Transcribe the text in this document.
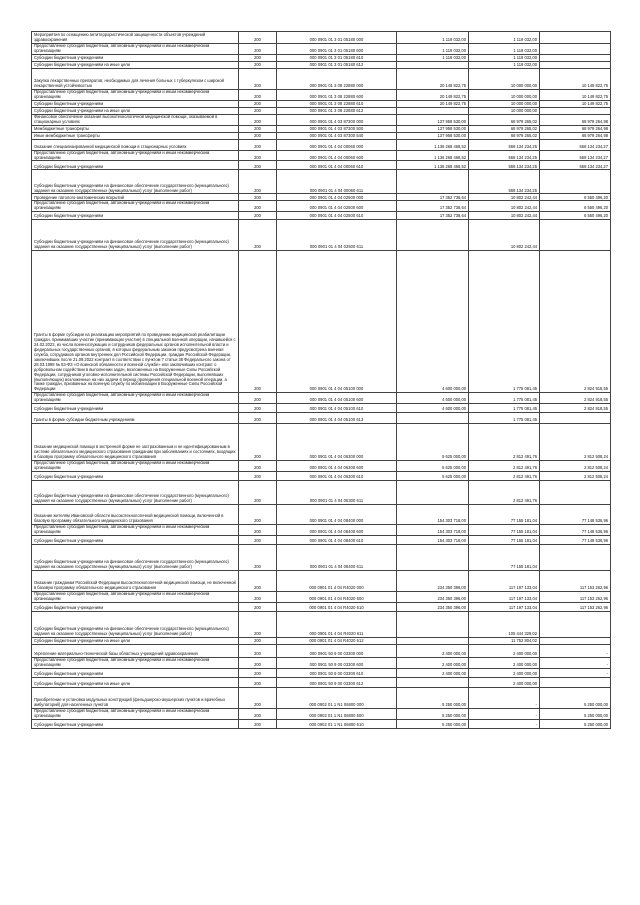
Мероприятия по оснащению антитеррористической защищенности объектов учреждений здравоохранения	200	000 0901 01 3 01 05180 000	1 119 032,00	1 119 032,00	
Предоставление субсидий бюджетным, автономным учреждениям и иным некоммерческим организациям	200	000 0901 01 3 01 05180 600	1 119 032,00	1 119 032,00	
Субсидии бюджетным учреждениям	200	000 0901 01 3 01 05180 610	1 119 032,00	1 119 032,00	
Субсидии бюджетным учреждениям на иные цели	200	000 0901 01 3 01 05180 612		1 119 032,00	
Закупка лекарственных препаратов, необходимых для лечения больных с туберкулезом с широкой лекарственной устойчивостью	200	000 0901 01 3 08 22880 000	20 149 822,75	10 000 000,00	10 149 822,75
Предоставление субсидий бюджетным, автономным учреждениям и иным некоммерческим организациям	200	000 0901 01 3 08 22880 600	20 149 822,75	10 000 000,00	10 149 822,75
Субсидии бюджетным учреждениям	200	000 0901 01 3 08 22880 610	20 149 822,75	10 000 000,00	10 149 822,75
Субсидии бюджетным учреждениям на иные цели	200	000 0901 01 3 08 22880 612		10 000 000,00	
Финансовое обеспечение оказания высокотехнологичной медицинской помощи, оказываемой в стационарных условиях	200	000 0901 01 4 03 87300 000	137 958 530,00	68 979 265,02	68 979 264,98
Межбюджетные трансферты	200	000 0901 01 4 03 87300 500	137 958 530,00	68 979 265,02	68 979 264,98
Иные межбюджетные трансферты	200	000 0901 01 4 03 87300 540	137 958 530,00	68 979 265,02	68 979 264,98
Оказание специализированной медицинской помощи в стационарных условиях	200	000 0901 01 4 04 00060 000	1 136 268 468,52	568 134 234,25	568 134 234,27
Предоставление субсидий бюджетным, автономным учреждениям и иным некоммерческим организациям	200	000 0901 01 4 04 00060 600	1 136 268 468,52	568 134 234,25	568 134 234,27
Субсидии бюджетным учреждениям	200	000 0901 01 4 04 00060 610	1 136 268 468,52	568 134 234,25	568 134 234,27
Субсидии бюджетным учреждениям на финансовое обеспечение государственного (муниципального) задания на оказание государственных (муниципальных) услуг (выполнение работ)	200	000 0901 01 4 04 00060 611		568 134 234,25	
Проведение патолого-анатомических вскрытий	200	000 0901 01 4 04 02500 000	17 352 738,64	10 802 242,44	6 550 496,20
Предоставление субсидий бюджетным, автономным учреждениям и иным некоммерческим организациям	200	000 0901 01 4 04 02500 600	17 352 738,64	10 802 242,44	6 550 496,20
Субсидии бюджетным учреждениям	200	000 0901 01 4 04 02500 610	17 352 738,64	10 802 242,44	6 550 496,20
Субсидии бюджетным учреждениям на финансовое обеспечение государственного (муниципального) задания на оказание государственных (муниципальных) услуг (выполнение работ)	200	000 0901 01 4 04 02500 611		10 802 242,44	
Гранты в форме субсидии на реализацию мероприятий по проведению медицинской реабилитации граждан, принимавших участие (принимающих участие) в специальной военной операции, начавшейся с 24.02.2022, из числа военнослужащих и сотрудников федеральных органов исполнительной власти и федеральных государственных органов, в которых федеральным законом предусмотрена военная служба, сотрудников органов внутренних дел Российской Федерации, граждан Российской Федерации, заключивших после 21.09.2022 контракт в соответствии с пунктом 7 статьи 38 Федерального закона от 28.03.1998 № 53-ФЗ «О воинской обязанности и военной службе» или заключивших контракт о добровольном содействии в выполнении задач, возложенных на Вооруженные Силы Российской Федерации, сотрудников уголовно-исполнительной системы Российской Федерации, выполнявших (выполняющих) возложенные на них задачи в период проведения специальной военной операции, а также граждан, призванных на военную службу по мобилизации в Вооруженные Силы Российской Федерации	200	000 0901 01 4 04 05100 000	4 600 000,00	1 775 081,45	2 824 918,55
Предоставление субсидий бюджетным, автономным учреждениям и иным некоммерческим организациям	200	000 0901 01 4 04 05100 600	4 600 000,00	1 775 081,45	2 824 918,55
Субсидии бюджетным учреждениям	200	000 0901 01 4 04 05100 610	4 600 000,00	1 775 081,45	2 824 918,55
Гранты в форме субсидии бюджетным учреждениям	200	000 0901 01 4 04 05100 613		1 775 081,45	
Оказание медицинской помощи в экстренной форме не застрахованным и не идентифицированным в системе обязательного медицинского страхования гражданам при заболеваниях и состояниях, входящих в базовую программу обязательного медицинского страхования	200	000 0901 01 4 04 06300 000	5 625 000,00	2 812 491,76	2 812 508,24
Предоставление субсидий бюджетным, автономным учреждениям и иным некоммерческим организациям	200	000 0901 01 4 04 06300 600	5 625 000,00	2 812 491,76	2 812 508,24
Субсидии бюджетным учреждениям	200	000 0901 01 4 04 06300 610	5 625 000,00	2 812 491,76	2 812 508,24
Субсидии бюджетным учреждениям на финансовое обеспечение государственного (муниципального) задания на оказание государственных (муниципальных) услуг (выполнение работ)	200	000 0901 01 4 04 06300 611		2 812 491,76	
Оказание жителям Ивановской области высокотехнологичной медицинской помощи, включенной в базовую программу обязательного медицинского страхования	200	000 0901 01 4 04 08400 000	154 303 718,00	77 155 181,04	77 148 536,96
Предоставление субсидий бюджетным, автономным учреждениям и иным некоммерческим организациям	200	000 0901 01 4 04 08400 600	154 303 718,00	77 155 181,04	77 148 536,96
Субсидии бюджетным учреждениям	200	000 0901 01 4 04 08400 610	154 303 718,00	77 155 181,04	77 148 536,96
Субсидии бюджетным учреждениям на финансовое обеспечение государственного (муниципального) задания на оказание государственных (муниципальных) услуг (выполнение работ)	200	000 0901 01 4 04 08400 611		77 155 181,04	
Оказание гражданам Российской Федерации высокотехнологичной медицинской помощи, не включенной в базовую программу обязательного медицинского страхования	200	000 0901 01 4 04 R4020 000	234 350 396,00	117 197 133,04	117 153 262,96
Предоставление субсидий бюджетным, автономным учреждениям и иным некоммерческим организациям	200	000 0901 01 4 04 R4020 600	234 350 396,00	117 197 133,04	117 153 262,96
Субсидии бюджетным учреждениям	200	000 0901 01 4 04 R4020 610	234 350 396,00	117 197 133,04	117 153 262,96
Субсидии бюджетным учреждениям на финансовое обеспечение государственного (муниципального) задания на оказание государственных (муниципальных) услуг (выполнение работ)	200	000 0901 01 4 04 R4020 611		105 444 329,02	
Субсидии бюджетным учреждениям на иные цели	200	000 0901 01 4 04 R4020 612		11 752 804,02	
Укрепление материально-технической базы областных учреждений здравоохранения	200	000 0901 50 9 00 03300 000	2 400 000,00	2 400 000,00	-
Предоставление субсидий бюджетным, автономным учреждениям и иным некоммерческим организациям	200	000 0901 50 9 00 03300 600	2 400 000,00	2 400 000,00	-
Субсидии бюджетным учреждениям	200	000 0901 50 9 00 03300 610	2 400 000,00	2 400 000,00	-
Субсидии бюджетным учреждениям на иные цели	200	000 0901 50 9 00 03300 612		2 400 000,00	
Приобретение и установка модульных конструкций (фельдшерско-акушерских пунктов и врачебных амбулаторий) для населенных пунктов	200	000 0902 01 1 N1 06800 000	5 250 000,00	-	5 250 000,00
Предоставление субсидий бюджетным, автономным учреждениям и иным некоммерческим организациям	200	000 0902 01 1 N1 06800 600	5 250 000,00	-	5 250 000,00
Субсидии бюджетным учреждениям	200	000 0902 01 1 N1 06800 610	5 250 000,00	-	5 250 000,00
